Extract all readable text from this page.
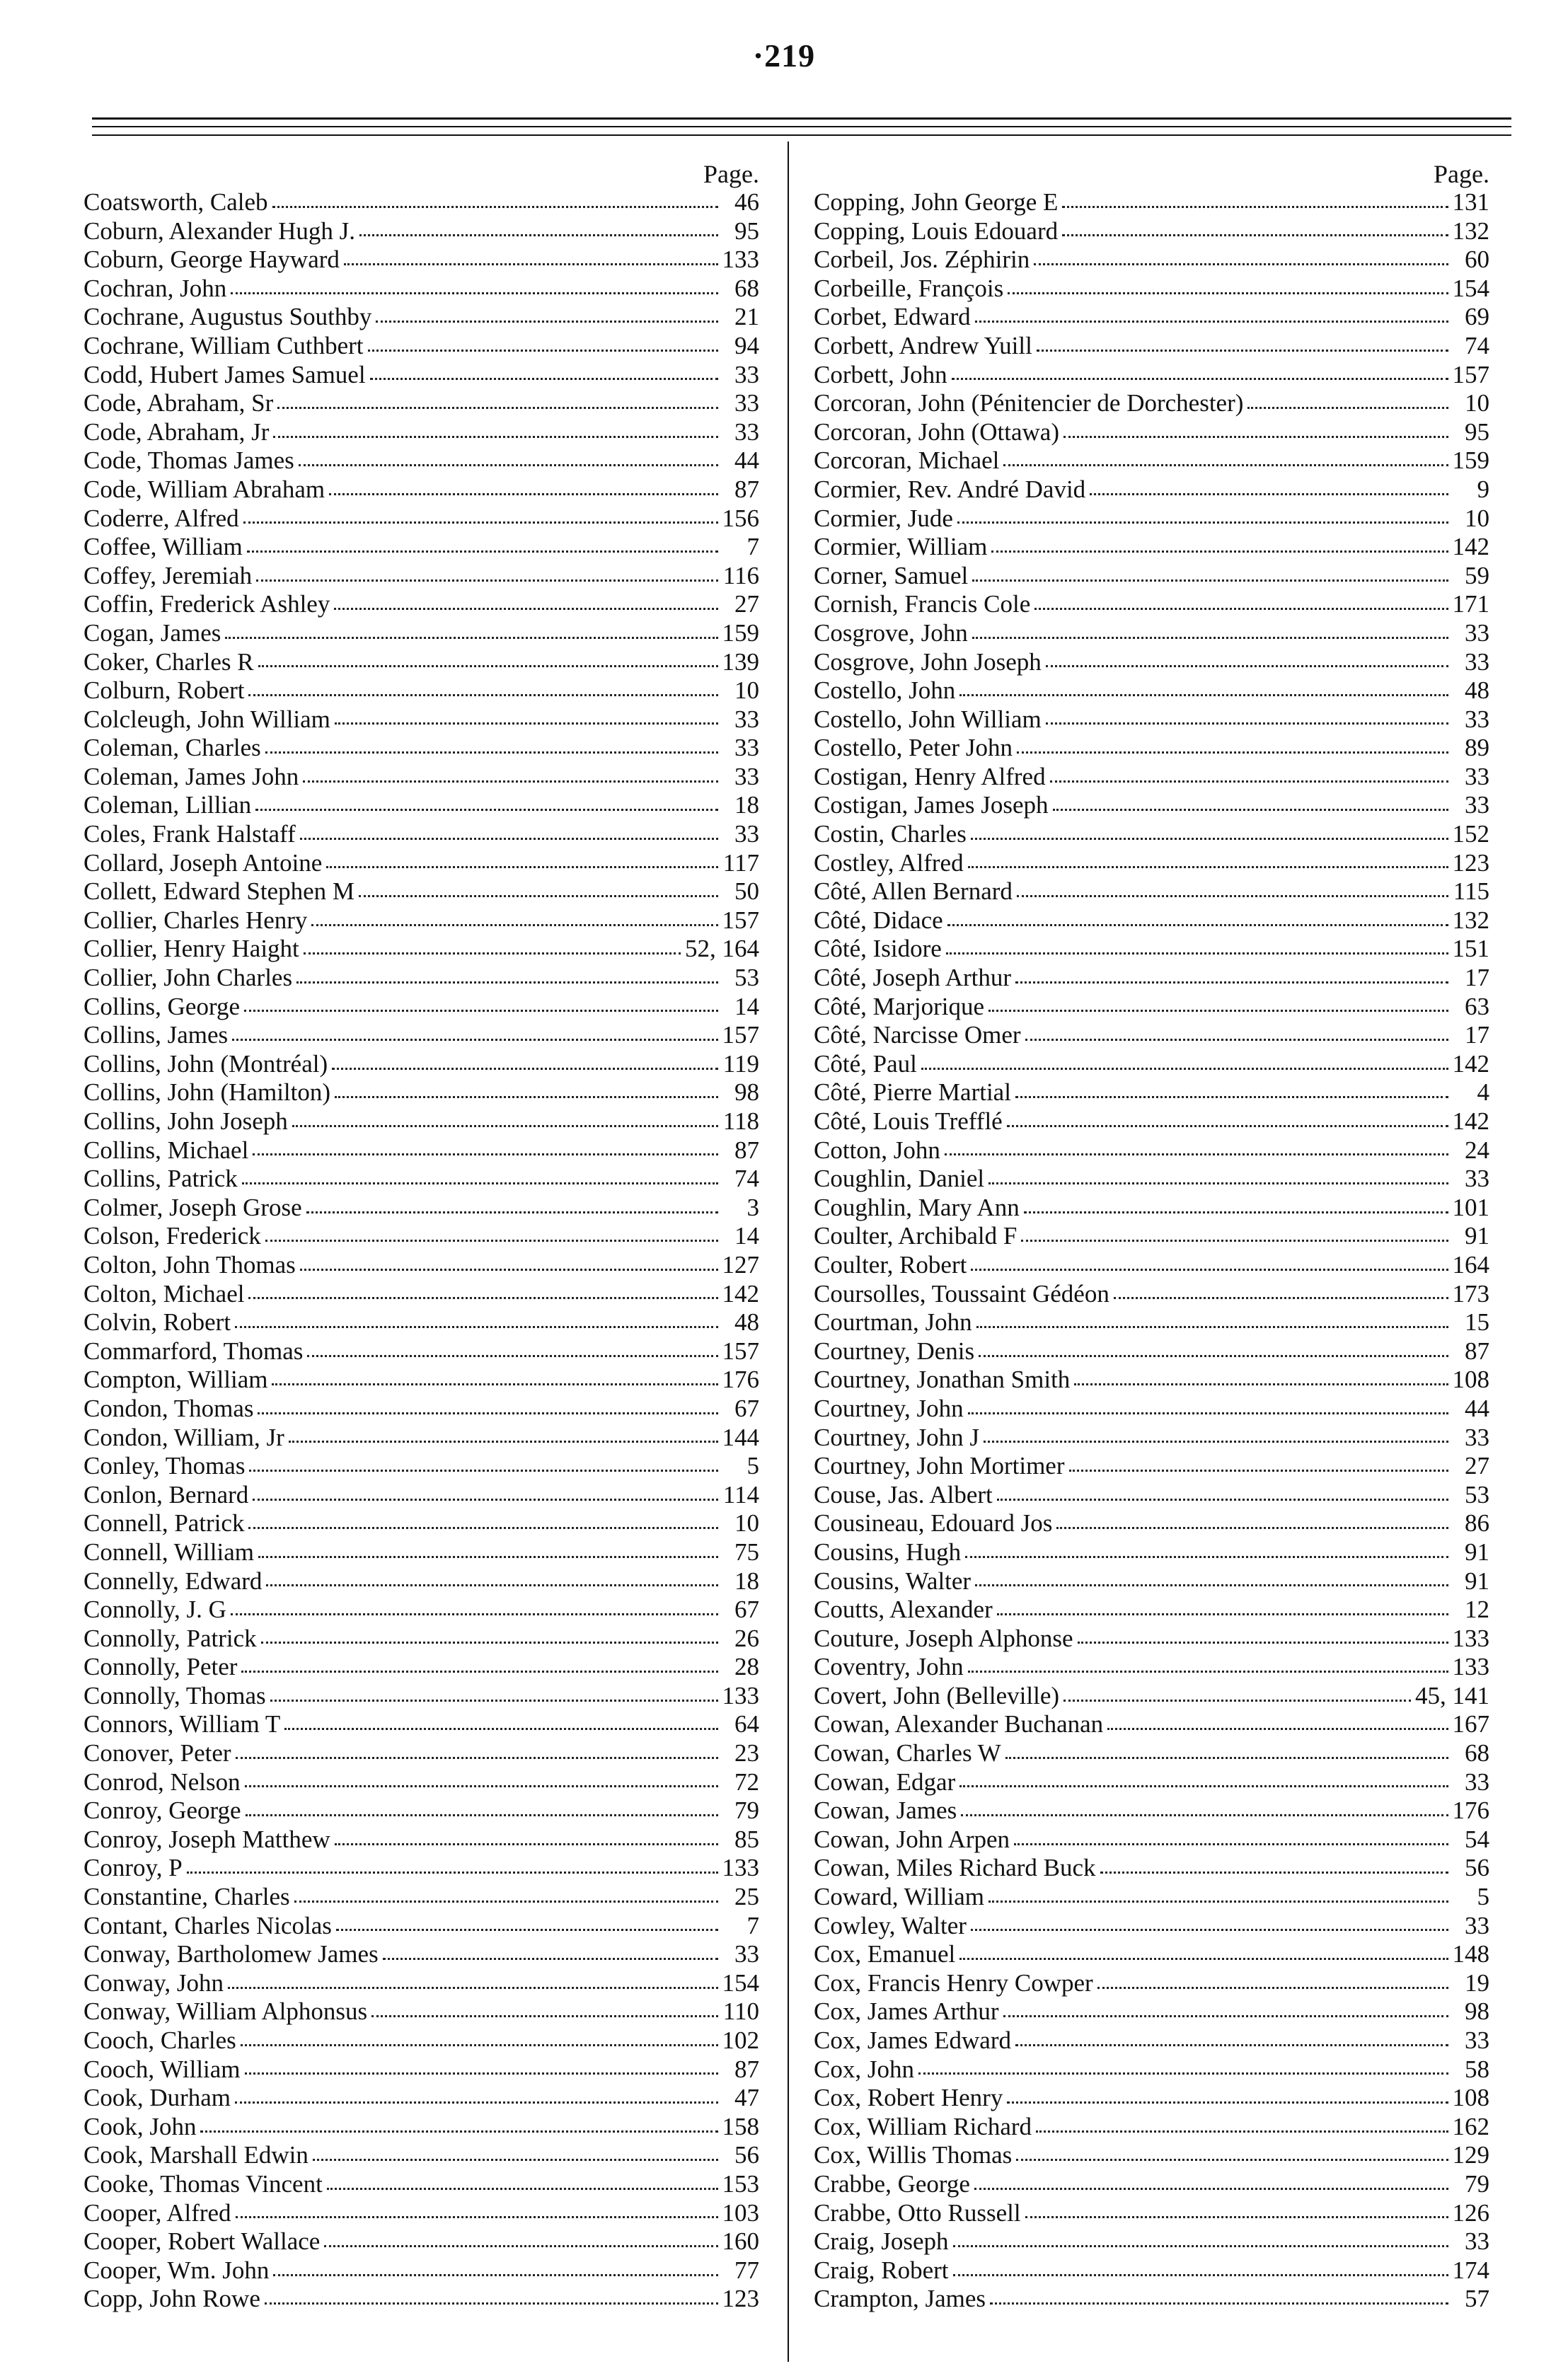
·219
Page.
Coatsworth, Caleb	46
Coburn, Alexander Hugh J.	95
Coburn, George Hayward	133
Cochran, John	68
Cochrane, Augustus Southby	21
Cochrane, William Cuthbert	94
Codd, Hubert James Samuel	33
Code, Abraham, Sr	33
Code, Abraham, Jr	33
Code, Thomas James	44
Code, William Abraham	87
Coderre, Alfred	156
Coffee, William	7
Coffey, Jeremiah	116
Coffin, Frederick Ashley	27
Cogan, James	159
Coker, Charles R	139
Colburn, Robert	10
Colcleugh, John William	33
Coleman, Charles	33
Coleman, James John	33
Coleman, Lillian	18
Coles, Frank Halstaff	33
Collard, Joseph Antoine	117
Collett, Edward Stephen M	50
Collier, Charles Henry	157
Collier, Henry Haight	52, 164
Collier, John Charles	53
Collins, George	14
Collins, James	157
Collins, John (Montréal)	119
Collins, John (Hamilton)	98
Collins, John Joseph	118
Collins, Michael	87
Collins, Patrick	74
Colmer, Joseph Grose	3
Colson, Frederick	14
Colton, John Thomas	127
Colton, Michael	142
Colvin, Robert	48
Commarford, Thomas	157
Compton, William	176
Condon, Thomas	67
Condon, William, Jr	144
Conley, Thomas	5
Conlon, Bernard	114
Connell, Patrick	10
Connell, William	75
Connelly, Edward	18
Connolly, J. G	67
Connolly, Patrick	26
Connolly, Peter	28
Connolly, Thomas	133
Connors, William T	64
Conover, Peter	23
Conrod, Nelson	72
Conroy, George	79
Conroy, Joseph Matthew	85
Conroy, P	133
Constantine, Charles	25
Contant, Charles Nicolas	7
Conway, Bartholomew James	33
Conway, John	154
Conway, William Alphonsus	110
Cooch, Charles	102
Cooch, William	87
Cook, Durham	47
Cook, John	158
Cook, Marshall Edwin	56
Cooke, Thomas Vincent	153
Cooper, Alfred	103
Cooper, Robert Wallace	160
Cooper, Wm. John	77
Copp, John Rowe	123
Page.
Copping, John George E	131
Copping, Louis Edouard	132
Corbeil, Jos. Zéphirin	60
Corbeille, François	154
Corbet, Edward	69
Corbett, Andrew Yuill	74
Corbett, John	157
Corcoran, John (Pénitencier de Dorchester)	10
Corcoran, John (Ottawa)	95
Corcoran, Michael	159
Cormier, Rev. André David	9
Cormier, Jude	10
Cormier, William	142
Corner, Samuel	59
Cornish, Francis Cole	171
Cosgrove, John	33
Cosgrove, John Joseph	33
Costello, John	48
Costello, John William	33
Costello, Peter John	89
Costigan, Henry Alfred	33
Costigan, James Joseph	33
Costin, Charles	152
Costley, Alfred	123
Côté, Allen Bernard	115
Côté, Didace	132
Côté, Isidore	151
Côté, Joseph Arthur	17
Côté, Marjorique	63
Côté, Narcisse Omer	17
Côté, Paul	142
Côté, Pierre Martial	4
Côté, Louis Trefflé	142
Cotton, John	24
Coughlin, Daniel	33
Coughlin, Mary Ann	101
Coulter, Archibald F	91
Coulter, Robert	164
Coursolles, Toussaint Gédéon	173
Courtman, John	15
Courtney, Denis	87
Courtney, Jonathan Smith	108
Courtney, John	44
Courtney, John J	33
Courtney, John Mortimer	27
Couse, Jas. Albert	53
Cousineau, Edouard Jos	86
Cousins, Hugh	91
Cousins, Walter	91
Coutts, Alexander	12
Couture, Joseph Alphonse	133
Coventry, John	133
Covert, John (Belleville)	45, 141
Cowan, Alexander Buchanan	167
Cowan, Charles W	68
Cowan, Edgar	33
Cowan, James	176
Cowan, John Arpen	54
Cowan, Miles Richard Buck	56
Coward, William	5
Cowley, Walter	33
Cox, Emanuel	148
Cox, Francis Henry Cowper	19
Cox, James Arthur	98
Cox, James Edward	33
Cox, John	58
Cox, Robert Henry	108
Cox, William Richard	162
Cox, Willis Thomas	129
Crabbe, George	79
Crabbe, Otto Russell	126
Craig, Joseph	33
Craig, Robert	174
Crampton, James	57
